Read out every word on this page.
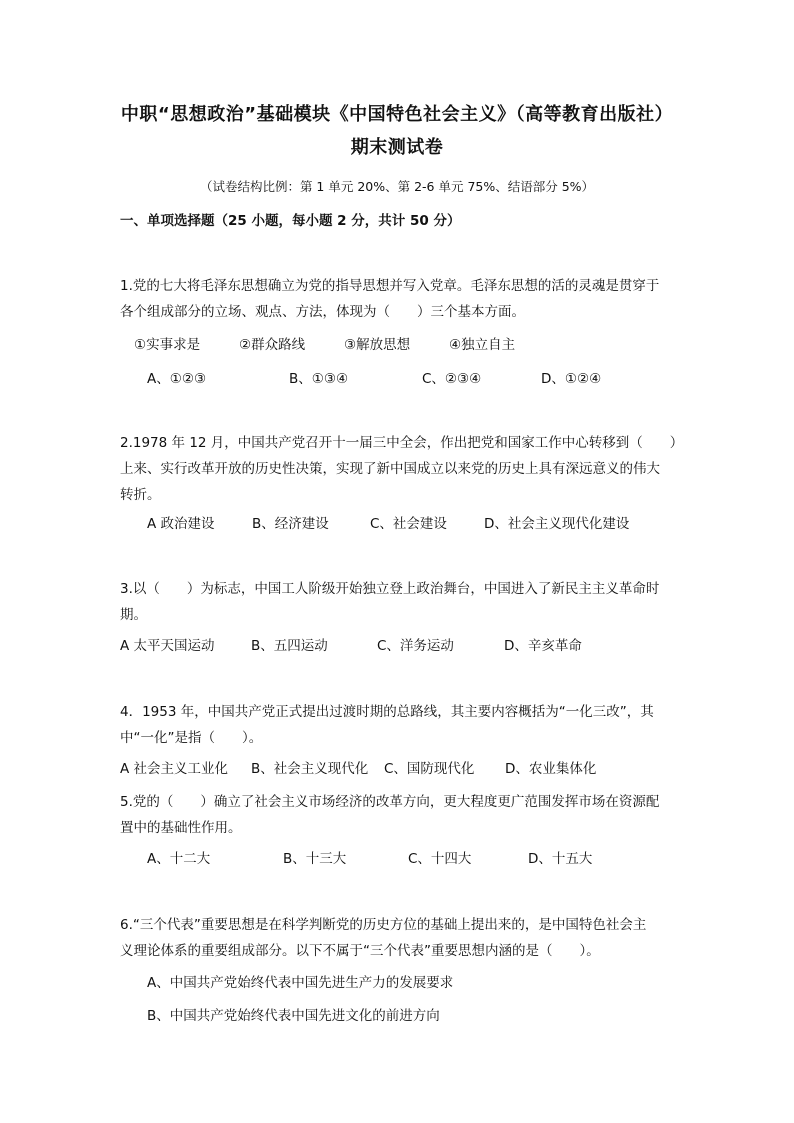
中职“思想政治”基础模块《中国特色社会主义》（高等教育出版社）
期末测试卷
（试卷结构比例：第 1 单元 20%、第 2-6 单元 75%、结语部分 5%）
一、单项选择题（25 小题，每小题 2 分，共计 50 分）
1.党的七大将毛泽东思想确立为党的指导思想并写入党章。毛泽东思想的活的灵魂是贯穿于
各个组成部分的立场、观点、方法，体现为（　　）三个基本方面。
①实事求是	②群众路线	③解放思想	④独立自主
A、①②③	B、①③④	C、②③④	D、①②④
2.1978 年 12 月，中国共产党召开十一届三中全会，作出把党和国家工作中心转移到（　　）
上来、实行改革开放的历史性决策，实现了新中国成立以来党的历史上具有深远意义的伟大
转折。
A 政治建设	B、经济建设	C、社会建设	D、社会主义现代化建设
3.以（　　）为标志，中国工人阶级开始独立登上政治舞台，中国进入了新民主主义革命时
期。
A 太平天国运动	B、五四运动	C、洋务运动	D、辛亥革命
4．1953 年，中国共产党正式提出过渡时期的总路线，其主要内容概括为“一化三改”，其
中“一化”是指（　　）。
A 社会主义工业化 B、社会主义现代化 C、国防现代化 D、农业集体化
5.党的（　　）确立了社会主义市场经济的改革方向，更大程度更广范围发挥市场在资源配
置中的基础性作用。
A、十二大	B、十三大	C、十四大	D、十五大
6.“三个代表”重要思想是在科学判断党的历史方位的基础上提出来的，是中国特色社会主
义理论体系的重要组成部分。以下不属于“三个代表”重要思想内涵的是（　　）。
A、中国共产党始终代表中国先进生产力的发展要求
B、中国共产党始终代表中国先进文化的前进方向
